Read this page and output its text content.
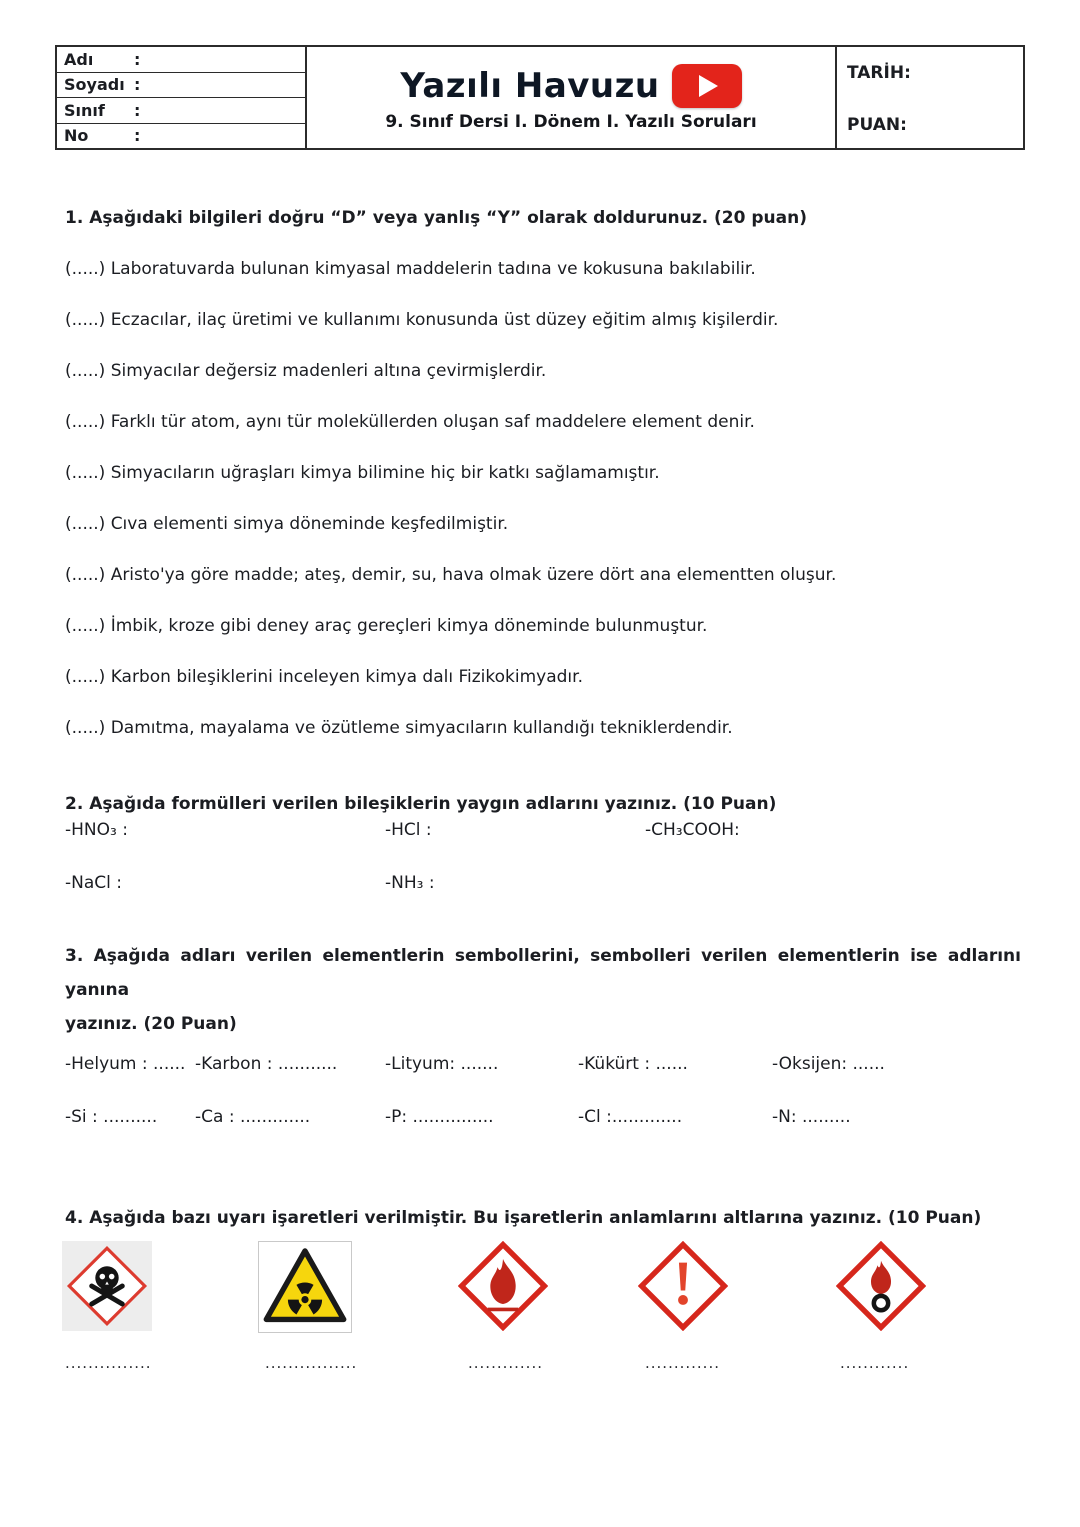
Adı	:
Soyadı :
Sınıf	:
No	:
Yazılı Havuzu
9. Sınıf Dersi I. Dönem I. Yazılı Soruları
TARİH:
PUAN:
1. Aşağıdaki bilgileri doğru “D” veya yanlış “Y” olarak doldurunuz. (20 puan)
(.....) Laboratuvarda bulunan kimyasal maddelerin tadına ve kokusuna bakılabilir.
(.....) Eczacılar, ilaç üretimi ve kullanımı konusunda üst düzey eğitim almış kişilerdir.
(.....) Simyacılar değersiz madenleri altına çevirmişlerdir.
(.....) Farklı tür atom, aynı tür moleküllerden oluşan saf maddelere element denir.
(.....) Simyacıların uğraşları kimya bilimine hiç bir katkı sağlamamıştır.
(.....) Cıva elementi simya döneminde keşfedilmiştir.
(.....) Aristo'ya göre madde; ateş, demir, su, hava olmak üzere dört ana elementten oluşur.
(.....) İmbik, kroze gibi deney araç gereçleri kimya döneminde bulunmuştur.
(.....) Karbon bileşiklerini inceleyen kimya dalı Fizikokimyadır.
(.....) Damıtma, mayalama ve özütleme simyacıların kullandığı tekniklerdendir.
2. Aşağıda formülleri verilen bileşiklerin yaygın adlarını yazınız. (10 Puan)
-HNO₃ :	-HCl :	-CH₃COOH:
-NaCl :	-NH₃ :
3. Aşağıda adları verilen elementlerin sembollerini, sembolleri verilen elementlerin ise adlarını yanına
yazınız. (20 Puan)
-Helyum : ...... -Karbon : ...........	-Lityum: .......	-Kükürt : ......	-Oksijen: ......
-Si : ..........	-Ca : .............	-P: ...............	-Cl :.............	-N: .........
4. Aşağıda bazı uyarı işaretleri verilmiştir. Bu işaretlerin anlamlarını altlarına yazınız. (10 Puan)
...............	................	.............	.............	............
